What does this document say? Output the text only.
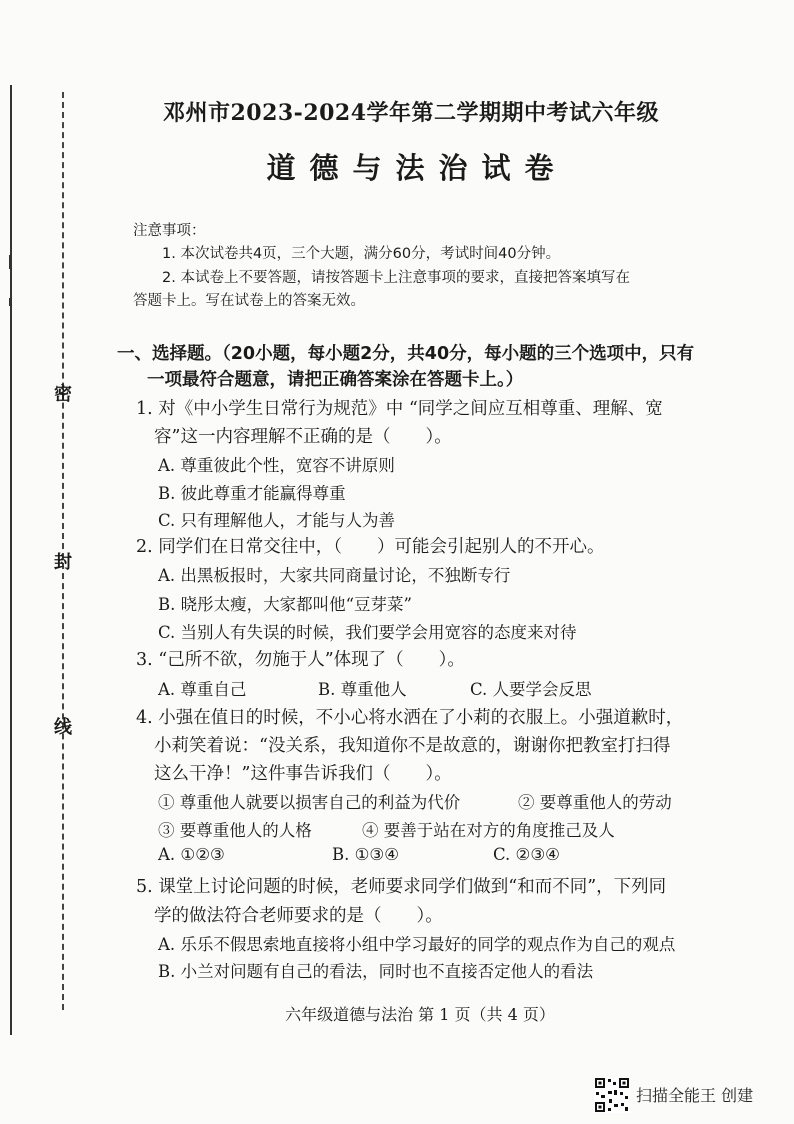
密
封
线
邓州市2023-2024学年第二学期期中考试六年级
道德与法治试卷
注意事项：
1. 本次试卷共4页，三个大题，满分60分，考试时间40分钟。
2. 本试卷上不要答题，请按答题卡上注意事项的要求，直接把答案填写在
答题卡上。写在试卷上的答案无效。
一、选择题。（20小题，每小题2分，共40分，每小题的三个选项中，只有
一项最符合题意，请把正确答案涂在答题卡上。）
1. 对《中小学生日常行为规范》中 “同学之间应互相尊重、理解、宽
容”这一内容理解不正确的是（　　）。
A. 尊重彼此个性，宽容不讲原则
B. 彼此尊重才能赢得尊重
C. 只有理解他人，才能与人为善
2. 同学们在日常交往中，（　　）可能会引起别人的不开心。
A. 出黑板报时，大家共同商量讨论，不独断专行
B. 晓彤太瘦，大家都叫他“豆芽菜”
C. 当别人有失误的时候，我们要学会用宽容的态度来对待
3. “己所不欲，勿施于人”体现了（　　）。
A. 尊重自己	B. 尊重他人	C. 人要学会反思
4. 小强在值日的时候，不小心将水洒在了小莉的衣服上。小强道歉时，
小莉笑着说：“没关系，我知道你不是故意的，谢谢你把教室打扫得
这么干净！”这件事告诉我们（　　）。
① 尊重他人就要以损害自己的利益为代价	② 要尊重他人的劳动
③ 要尊重他人的人格	④ 要善于站在对方的角度推己及人
A. ①②③	B. ①③④	C. ②③④
5. 课堂上讨论问题的时候，老师要求同学们做到“和而不同”，下列同
学的做法符合老师要求的是（　　）。
A. 乐乐不假思索地直接将小组中学习最好的同学的观点作为自己的观点
B. 小兰对问题有自己的看法，同时也不直接否定他人的看法
六年级道德与法治 第 1 页（共 4 页）
扫描全能王 创建
